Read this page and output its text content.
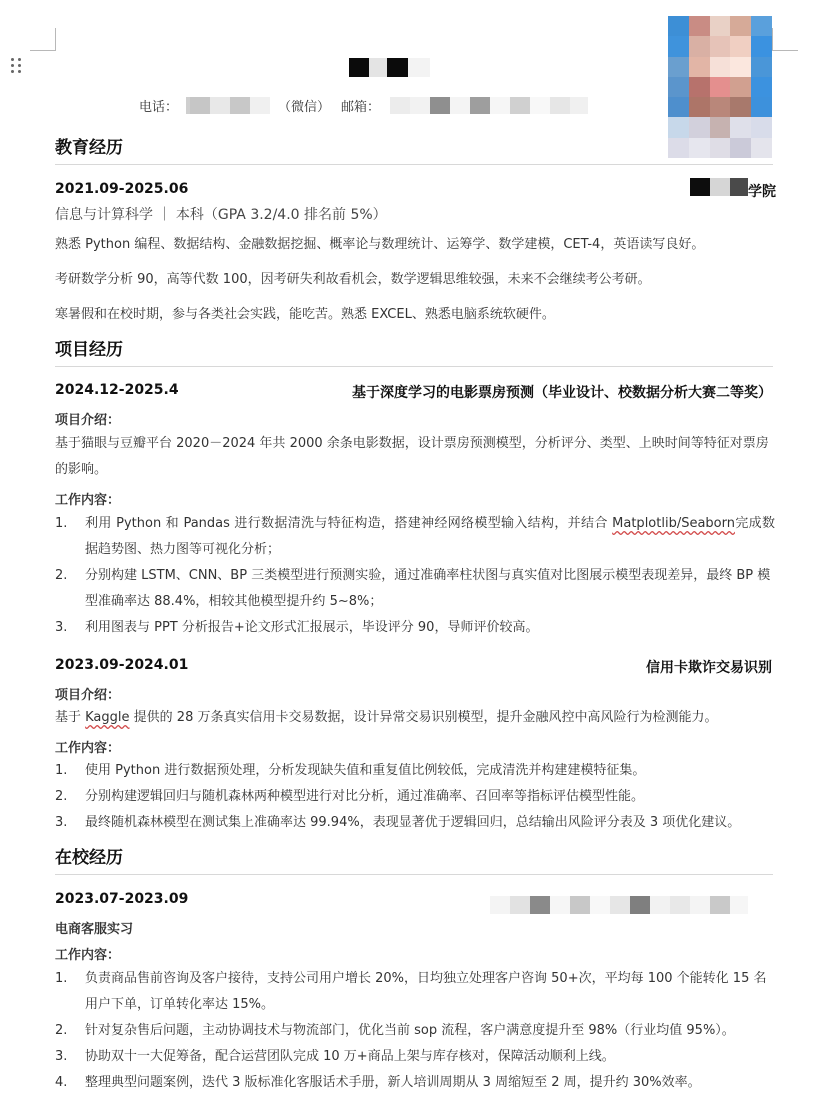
电话：	（微信） 邮箱：
教育经历
2021.09-2025.06	学院
信息与计算科学 ｜ 本科（GPA 3.2/4.0 排名前 5%）
熟悉 Python 编程、数据结构、金融数据挖掘、概率论与数理统计、运筹学、数学建模，CET-4，英语读写良好。
考研数学分析 90，高等代数 100，因考研失利故看机会，数学逻辑思维较强，未来不会继续考公考研。
寒暑假和在校时期，参与各类社会实践，能吃苦。熟悉 EXCEL、熟悉电脑系统软硬件。
项目经历
2024.12-2025.4	基于深度学习的电影票房预测（毕业设计、校数据分析大赛二等奖）
项目介绍：
基于猫眼与豆瓣平台 2020－2024 年共 2000 余条电影数据，设计票房预测模型，分析评分、类型、上映时间等特征对票房的影响。
工作内容：
1. 利用 Python 和 Pandas 进行数据清洗与特征构造，搭建神经网络模型输入结构，并结合 Matplotlib/Seaborn完成数据趋势图、热力图等可视化分析；
2. 分别构建 LSTM、CNN、BP 三类模型进行预测实验，通过准确率柱状图与真实值对比图展示模型表现差异，最终 BP 模型准确率达 88.4%，相较其他模型提升约 5~8%；
3. 利用图表与 PPT 分析报告+论文形式汇报展示，毕设评分 90，导师评价较高。
2023.09-2024.01	信用卡欺诈交易识别
项目介绍：
基于 Kaggle 提供的 28 万条真实信用卡交易数据，设计异常交易识别模型，提升金融风控中高风险行为检测能力。
工作内容：
1. 使用 Python 进行数据预处理，分析发现缺失值和重复值比例较低，完成清洗并构建建模特征集。
2. 分别构建逻辑回归与随机森林两种模型进行对比分析，通过准确率、召回率等指标评估模型性能。
3. 最终随机森林模型在测试集上准确率达 99.94%，表现显著优于逻辑回归，总结输出风险评分表及 3 项优化建议。
在校经历
2023.07-2023.09
电商客服实习
工作内容：
1. 负责商品售前咨询及客户接待，支持公司用户增长 20%，日均独立处理客户咨询 50+次，平均每 100 个能转化 15 名用户下单，订单转化率达 15%。
2. 针对复杂售后问题，主动协调技术与物流部门，优化当前 sop 流程，客户满意度提升至 98%（行业均值 95%）。
3. 协助双十一大促筹备，配合运营团队完成 10 万+商品上架与库存核对，保障活动顺利上线。
4. 整理典型问题案例，迭代 3 版标准化客服话术手册，新人培训周期从 3 周缩短至 2 周，提升约 30%效率。
